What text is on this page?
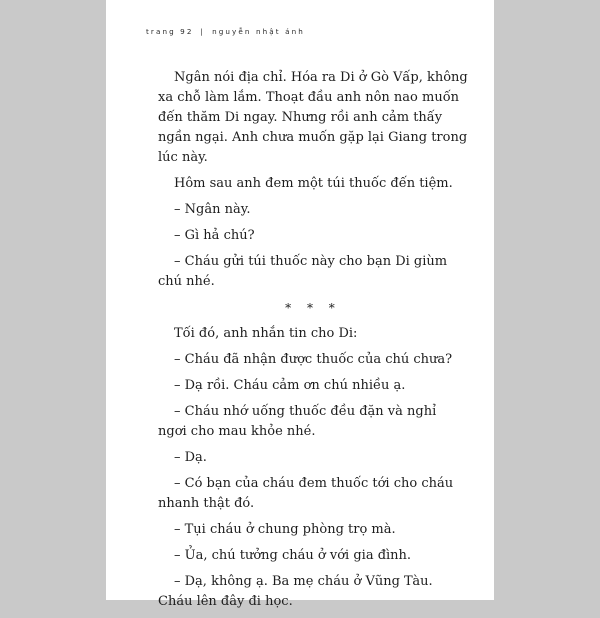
trang 92 | nguyễn nhật ánh

Ngân nói địa chỉ. Hóa ra Di ở Gò Vấp, không xa chỗ làm lắm. Thoạt đầu anh nôn nao muốn đến thăm Di ngay. Nhưng rồi anh cảm thấy ngần ngại. Anh chưa muốn gặp lại Giang trong lúc này.

Hôm sau anh đem một túi thuốc đến tiệm.

– Ngân này.

– Gì hả chú?

– Cháu gửi túi thuốc này cho bạn Di giùm chú nhé.

* * *

Tối đó, anh nhắn tin cho Di:

– Cháu đã nhận được thuốc của chú chưa?

– Dạ rồi. Cháu cảm ơn chú nhiều ạ.

– Cháu nhớ uống thuốc đều đặn và nghỉ ngơi cho mau khỏe nhé.

– Dạ.

– Có bạn của cháu đem thuốc tới cho cháu nhanh thật đó.

– Tụi cháu ở chung phòng trọ mà.

– Ủa, chú tưởng cháu ở với gia đình.

– Dạ, không ạ. Ba mẹ cháu ở Vũng Tàu. Cháu lên đây đi học.
